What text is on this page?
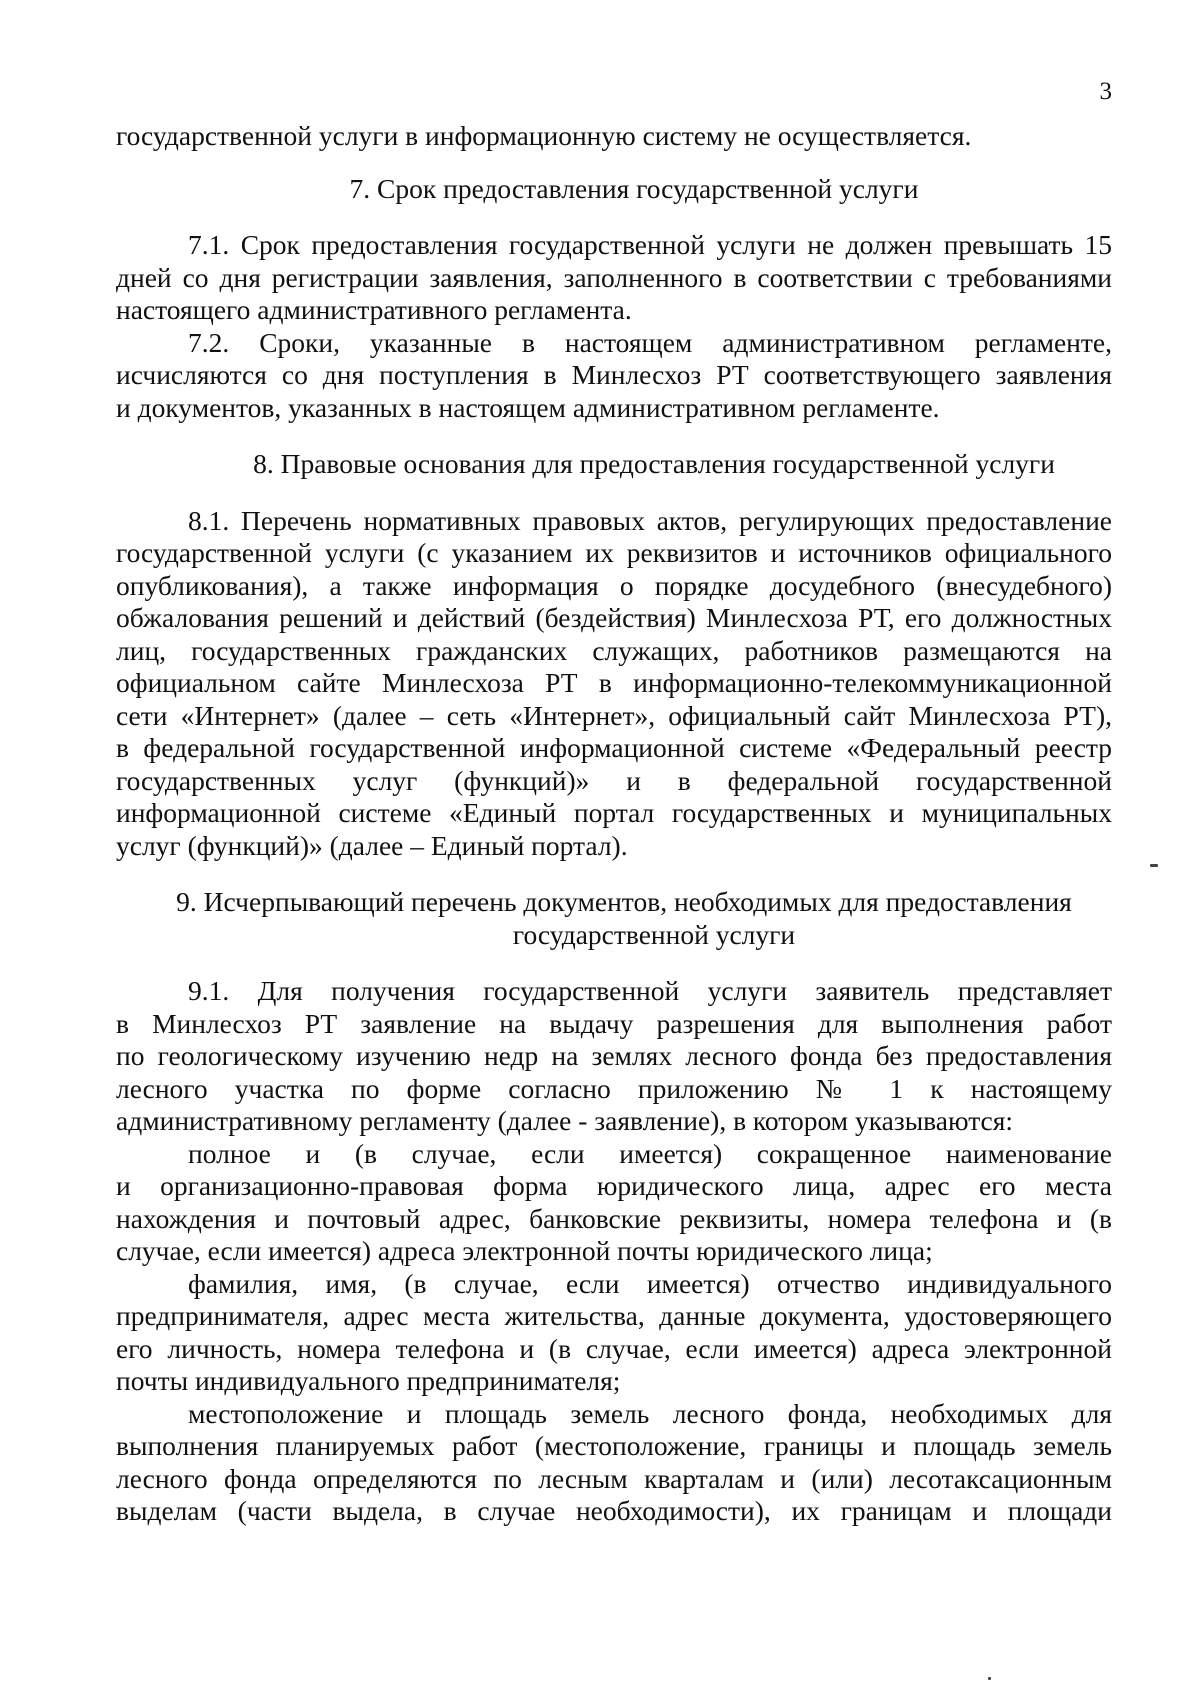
3
государственной услуги в информационную систему не осуществляется.
7. Срок предоставления государственной услуги
7.1. Срок предоставления государственной услуги не должен превышать 15
дней со дня регистрации заявления, заполненного в соответствии с требованиями
настоящего административного регламента.
7.2. Сроки, указанные в настоящем административном регламенте,
исчисляются со дня поступления в Минлесхоз РТ соответствующего заявления
и документов, указанных в настоящем административном регламенте.
8. Правовые основания для предоставления государственной услуги
8.1. Перечень нормативных правовых актов, регулирующих предоставление
государственной услуги (с указанием их реквизитов и источников официального
опубликования), а также информация о порядке досудебного (внесудебного)
обжалования решений и действий (бездействия) Минлесхоза РТ, его должностных
лиц, государственных гражданских служащих, работников размещаются на
официальном сайте Минлесхоза РТ в информационно-телекоммуникационной
сети «Интернет» (далее – сеть «Интернет», официальный сайт Минлесхоза РТ),
в федеральной государственной информационной системе «Федеральный реестр
государственных услуг (функций)» и в федеральной государственной
информационной системе «Единый портал государственных и муниципальных
услуг (функций)» (далее – Единый портал).
9. Исчерпывающий перечень документов, необходимых для предоставления
государственной услуги
9.1. Для получения государственной услуги заявитель представляет
в Минлесхоз РТ заявление на выдачу разрешения для выполнения работ
по геологическому изучению недр на землях лесного фонда без предоставления
лесного участка по форме согласно приложению № 1 к настоящему
административному регламенту (далее - заявление), в котором указываются:
полное и (в случае, если имеется) сокращенное наименование
и организационно-правовая форма юридического лица, адрес его места
нахождения и почтовый адрес, банковские реквизиты, номера телефона и (в
случае, если имеется) адреса электронной почты юридического лица;
фамилия, имя, (в случае, если имеется) отчество индивидуального
предпринимателя, адрес места жительства, данные документа, удостоверяющего
его личность, номера телефона и (в случае, если имеется) адреса электронной
почты индивидуального предпринимателя;
местоположение и площадь земель лесного фонда, необходимых для
выполнения планируемых работ (местоположение, границы и площадь земель
лесного фонда определяются по лесным кварталам и (или) лесотаксационным
выделам (части выдела, в случае необходимости), их границам и площади
